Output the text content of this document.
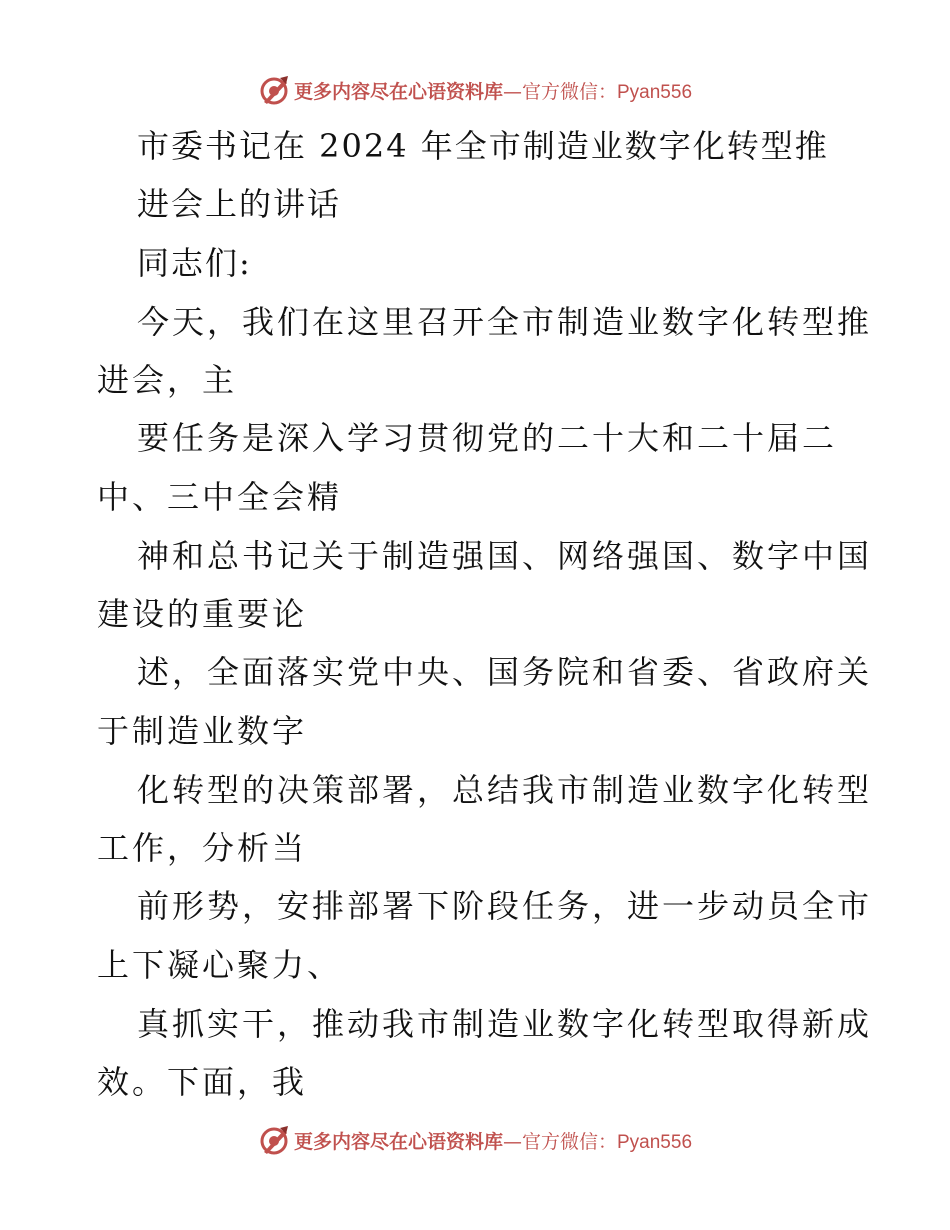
更多内容尽在心语资料库—官方微信：Pyan556
市委书记在 2024 年全市制造业数字化转型推
进会上的讲话
同志们:
今天，我们在这里召开全市制造业数字化转型推
进会，主
要任务是深入学习贯彻党的二十大和二十届二
中、三中全会精
神和总书记关于制造强国、网络强国、数字中国
建设的重要论
述，全面落实党中央、国务院和省委、省政府关
于制造业数字
化转型的决策部署，总结我市制造业数字化转型
工作，分析当
前形势，安排部署下阶段任务，进一步动员全市
上下凝心聚力、
真抓实干，推动我市制造业数字化转型取得新成
效。下面，我
更多内容尽在心语资料库—官方微信：Pyan556
